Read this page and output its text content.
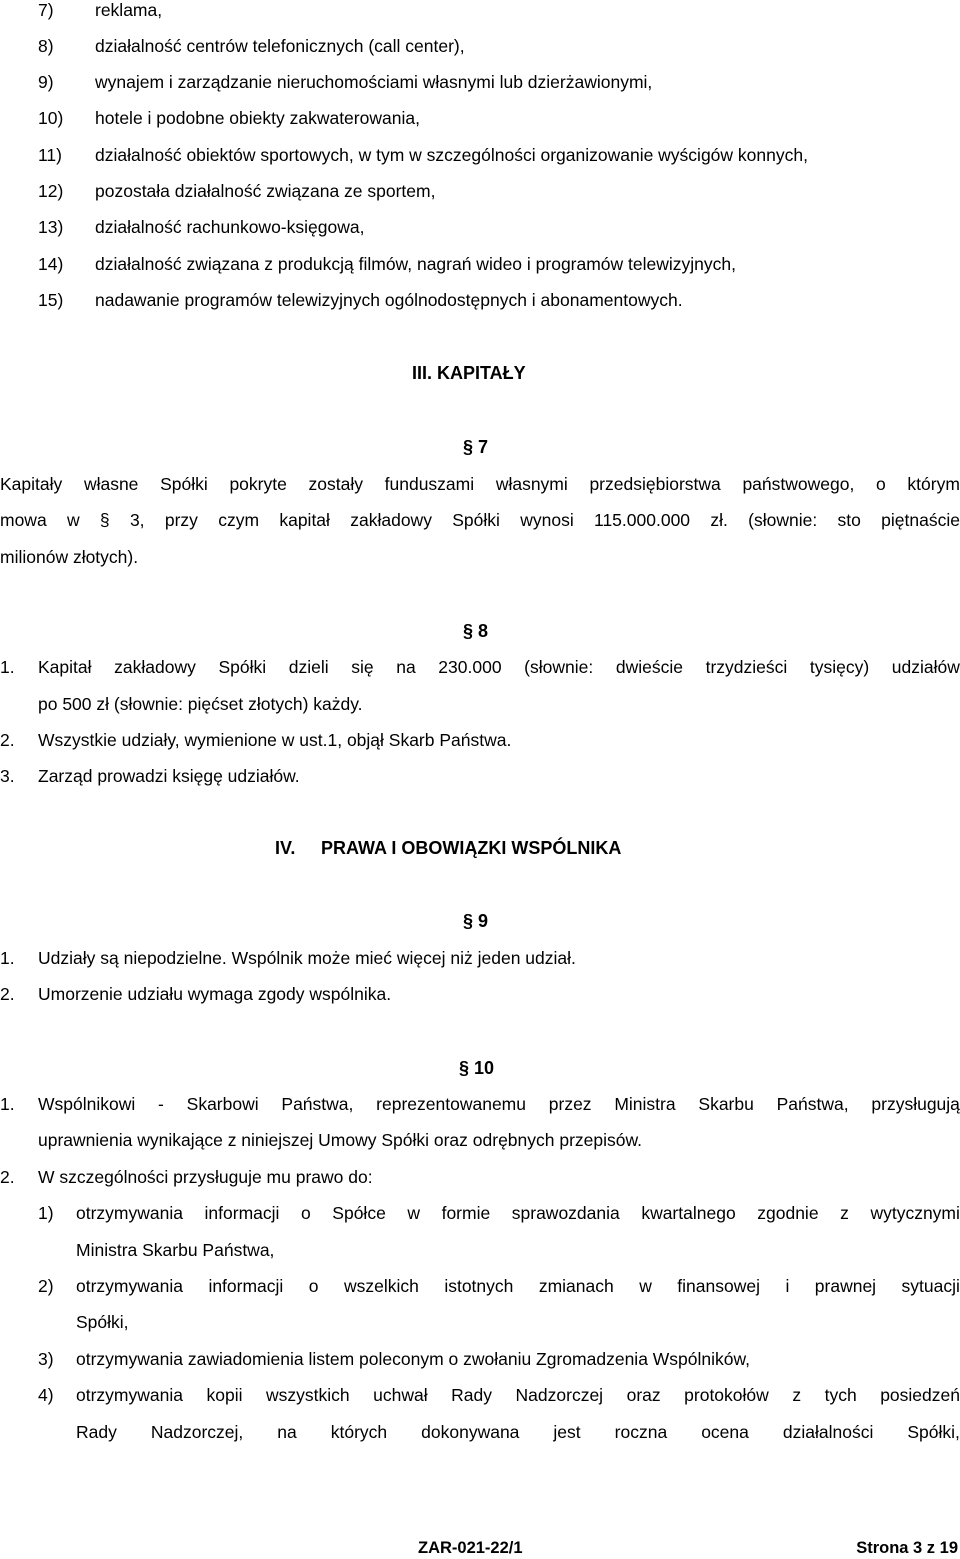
7) reklama,
8) działalność centrów telefonicznych (call center),
9) wynajem i zarządzanie nieruchomościami własnymi lub dzierżawionymi,
10) hotele i podobne obiekty zakwaterowania,
11) działalność obiektów sportowych, w tym w szczególności organizowanie wyścigów konnych,
12) pozostała działalność związana ze sportem,
13) działalność rachunkowo-księgowa,
14) działalność związana z produkcją filmów, nagrań wideo i programów telewizyjnych,
15) nadawanie programów telewizyjnych ogólnodostępnych i abonamentowych.
III. KAPITAŁY
§ 7
Kapitały własne Spółki pokryte zostały funduszami własnymi przedsiębiorstwa państwowego, o którym
mowa w § 3, przy czym kapitał zakładowy Spółki wynosi 115.000.000 zł. (słownie: sto piętnaście
milionów złotych).
§ 8
1. Kapitał zakładowy Spółki dzieli się na 230.000 (słownie: dwieście trzydzieści tysięcy) udziałów
po 500 zł (słownie: pięćset złotych) każdy.
2. Wszystkie udziały, wymienione w ust.1, objął Skarb Państwa.
3. Zarząd prowadzi księgę udziałów.
IV. PRAWA I OBOWIĄZKI WSPÓLNIKA
§ 9
1. Udziały są niepodzielne. Wspólnik może mieć więcej niż jeden udział.
2. Umorzenie udziału wymaga zgody wspólnika.
§ 10
1. Wspólnikowi - Skarbowi Państwa, reprezentowanemu przez Ministra Skarbu Państwa, przysługują
uprawnienia wynikające z niniejszej Umowy Spółki oraz odrębnych przepisów.
2. W szczególności przysługuje mu prawo do:
1) otrzymywania informacji o Spółce w formie sprawozdania kwartalnego zgodnie z wytycznymi
Ministra Skarbu Państwa,
2) otrzymywania informacji o wszelkich istotnych zmianach w finansowej i prawnej sytuacji
Spółki,
3) otrzymywania zawiadomienia listem poleconym o zwołaniu Zgromadzenia Wspólników,
4) otrzymywania kopii wszystkich uchwał Rady Nadzorczej oraz protokołów z tych posiedzeń
Rady Nadzorczej, na których dokonywana jest roczna ocena działalności Spółki,
ZAR-021-22/1	Strona 3 z 19
